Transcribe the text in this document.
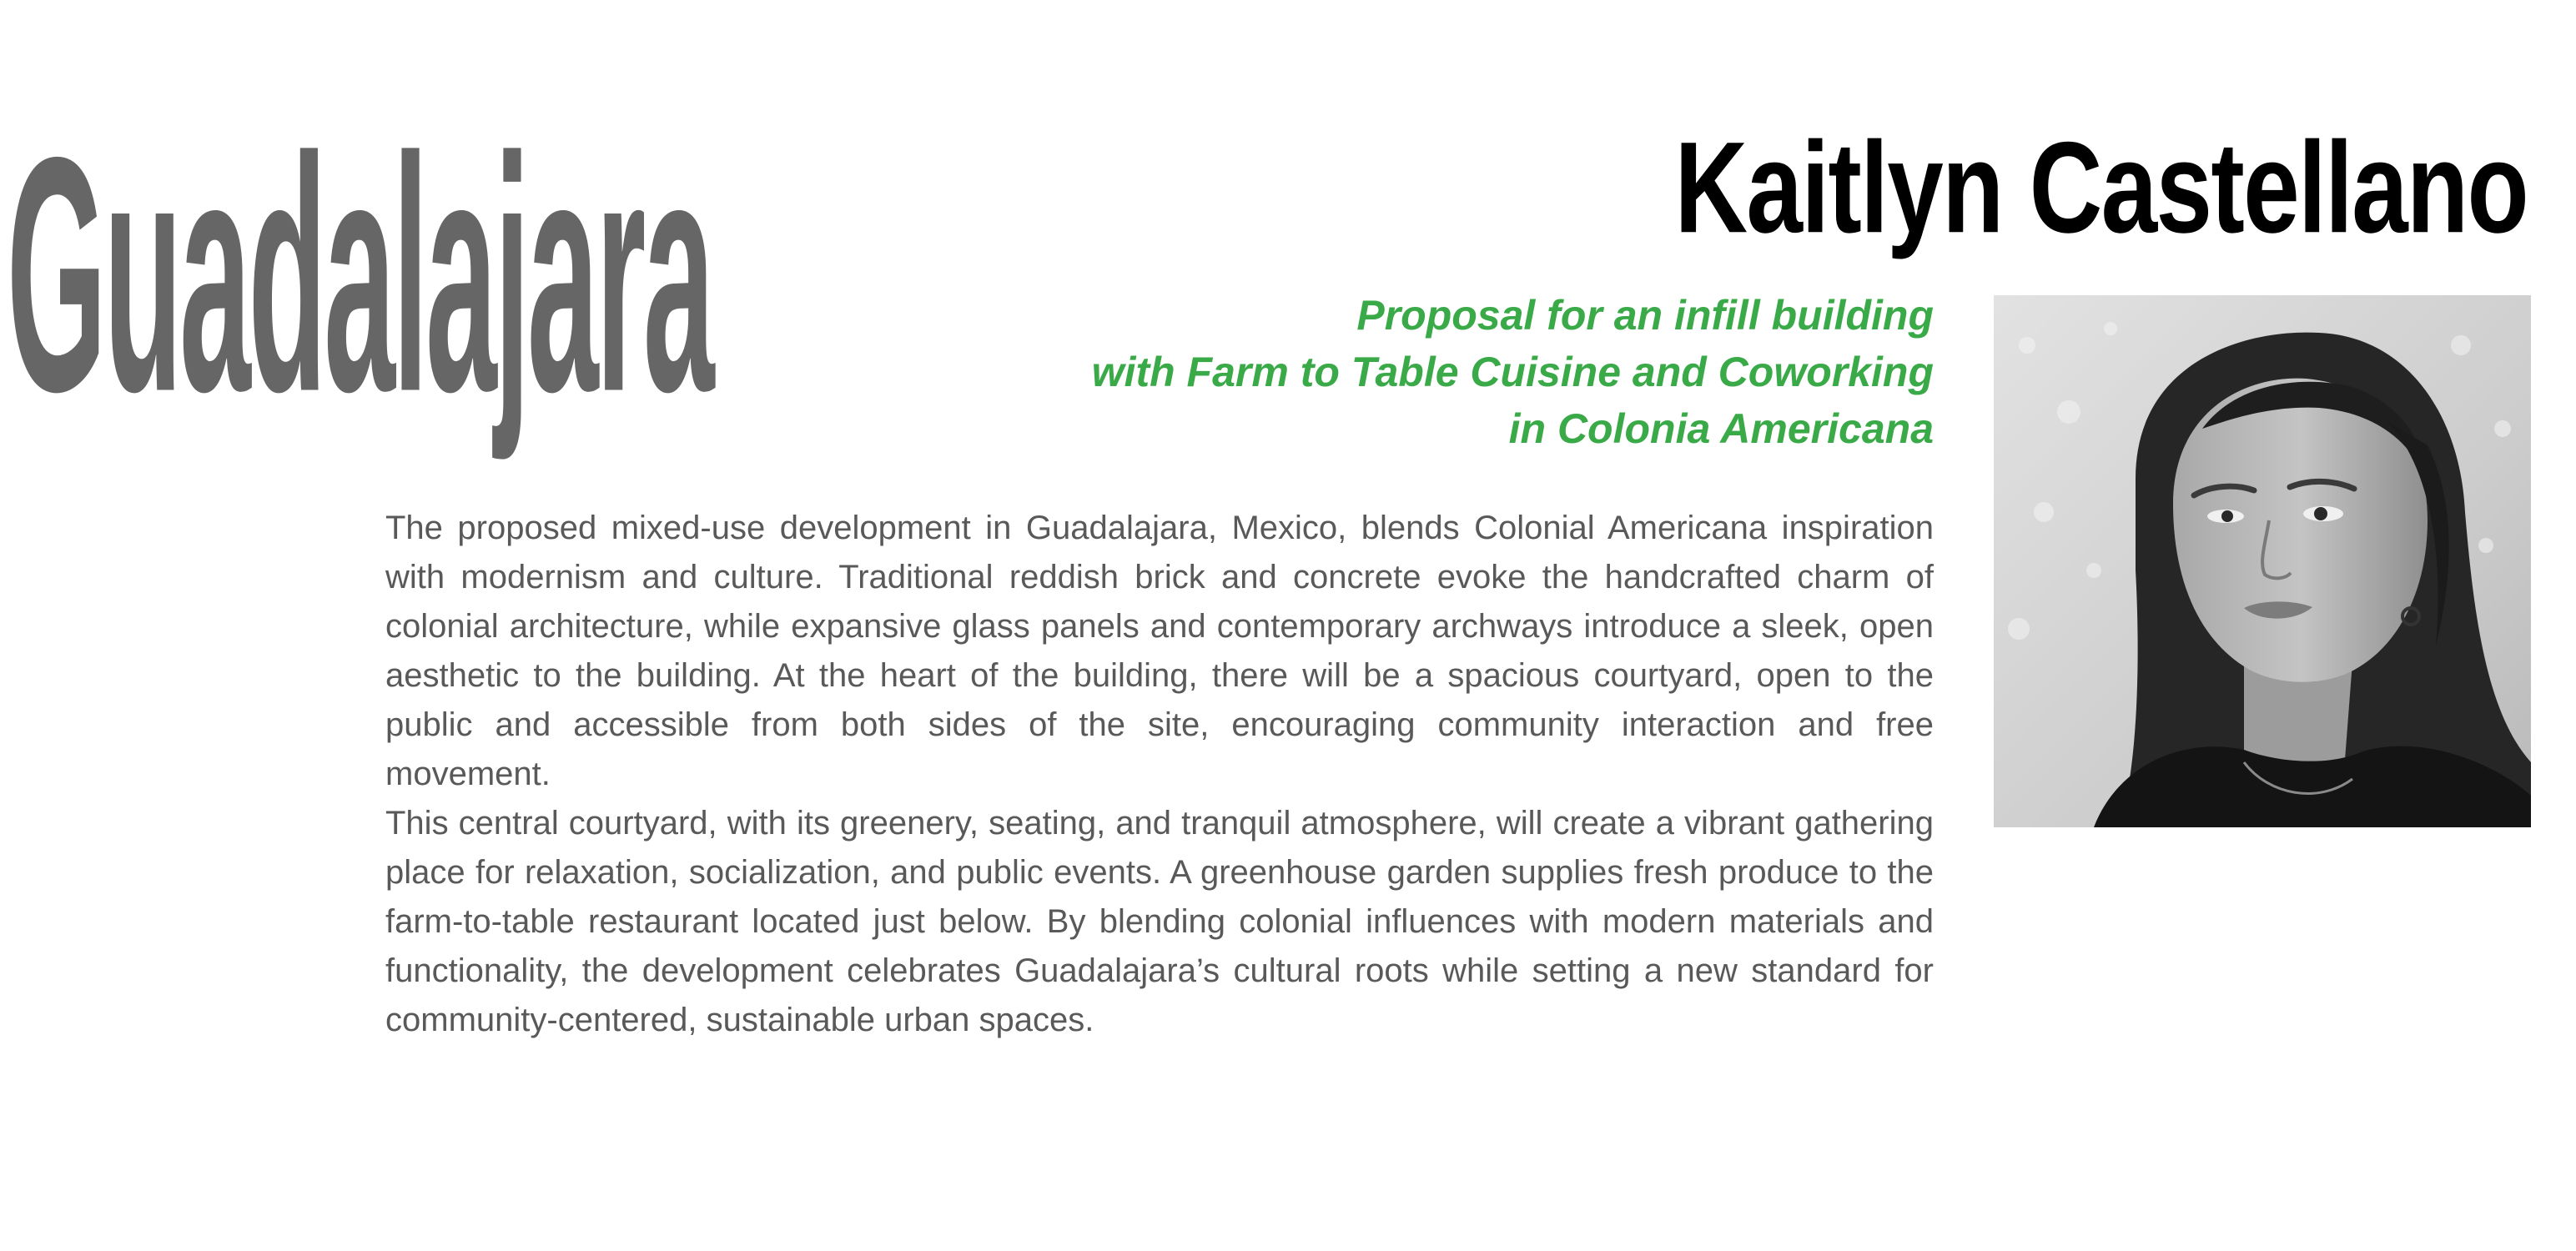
Guadalajara	Kaitlyn Castellano
Proposal for an infill building
with Farm to Table Cuisine and Coworking
in Colonia Americana

The proposed mixed-use development in Guadalajara, Mexico, blends Colonial Americana inspiration with modernism and culture. Traditional reddish brick and concrete evoke the handcrafted charm of colonial architecture, while expansive glass panels and contemporary archways introduce a sleek, open aesthetic to the building. At the heart of the building, there will be a spacious courtyard, open to the public and accessible from both sides of the site, encouraging community interaction and free movement.

This central courtyard, with its greenery, seating, and tranquil atmosphere, will create a vibrant gathering place for relaxation, socialization, and public events. A greenhouse garden supplies fresh produce to the farm-to-table restaurant located just below. By blending colonial influences with modern materials and functionality, the development celebrates Guadalajara’s cultural roots while setting a new standard for community-centered, sustainable urban spaces.
